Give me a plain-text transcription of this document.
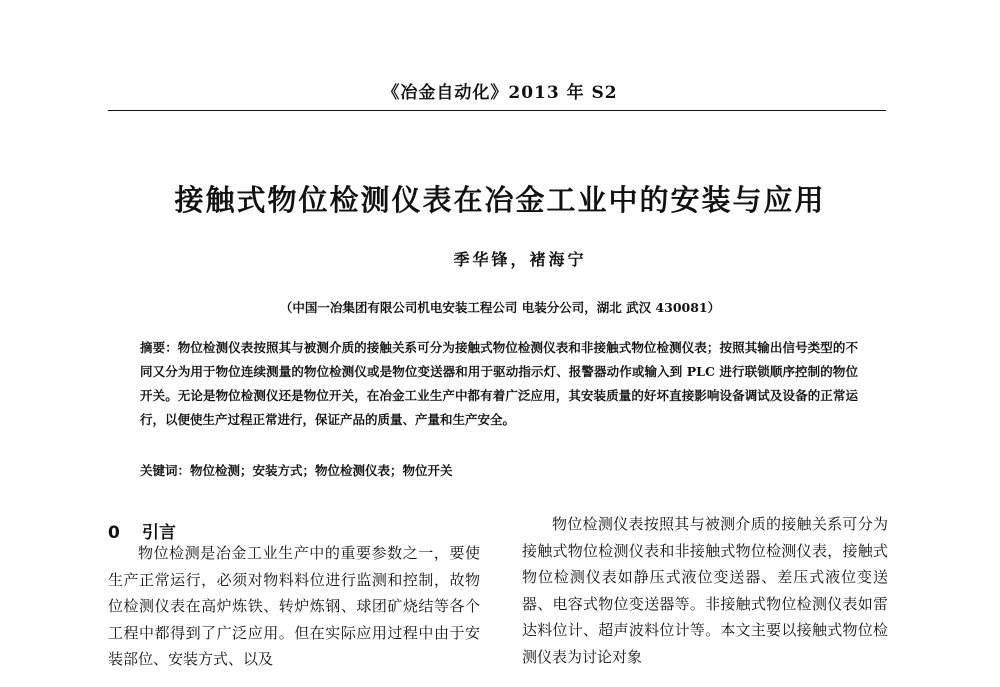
《冶金自动化》2013 年 S2
接触式物位检测仪表在冶金工业中的安装与应用
季华锋，褚海宁
（中国一冶集团有限公司机电安装工程公司 电装分公司，湖北 武汉 430081）
摘要：物位检测仪表按照其与被测介质的接触关系可分为接触式物位检测仪表和非接触式物位检测仪表；按照其输出信号类型的不同又分为用于物位连续测量的物位检测仪或是物位变送器和用于驱动指示灯、报警器动作或输入到 PLC 进行联锁顺序控制的物位开关。无论是物位检测仪还是物位开关，在冶金工业生产中都有着广泛应用，其安装质量的好坏直接影响设备调试及设备的正常运行，以便使生产过程正常进行，保证产品的质量、产量和生产安全。
关键词：物位检测；安装方式；物位检测仪表；物位开关
0 引言

物位检测是冶金工业生产中的重要参数之一，要使生产正常运行，必须对物料料位进行监测和控制，故物位检测仪表在高炉炼铁、转炉炼钢、球团矿烧结等各个工程中都得到了广泛应用。但在实际应用过程中由于安装部位、安装方式、以及

物位检测仪表按照其与被测介质的接触关系可分为接触式物位检测仪表和非接触式物位检测仪表，接触式物位检测仪表如静压式液位变送器、差压式液位变送器、电容式物位变送器等。非接触式物位检测仪表如雷达料位计、超声波料位计等。本文主要以接触式物位检测仪表为讨论对象
